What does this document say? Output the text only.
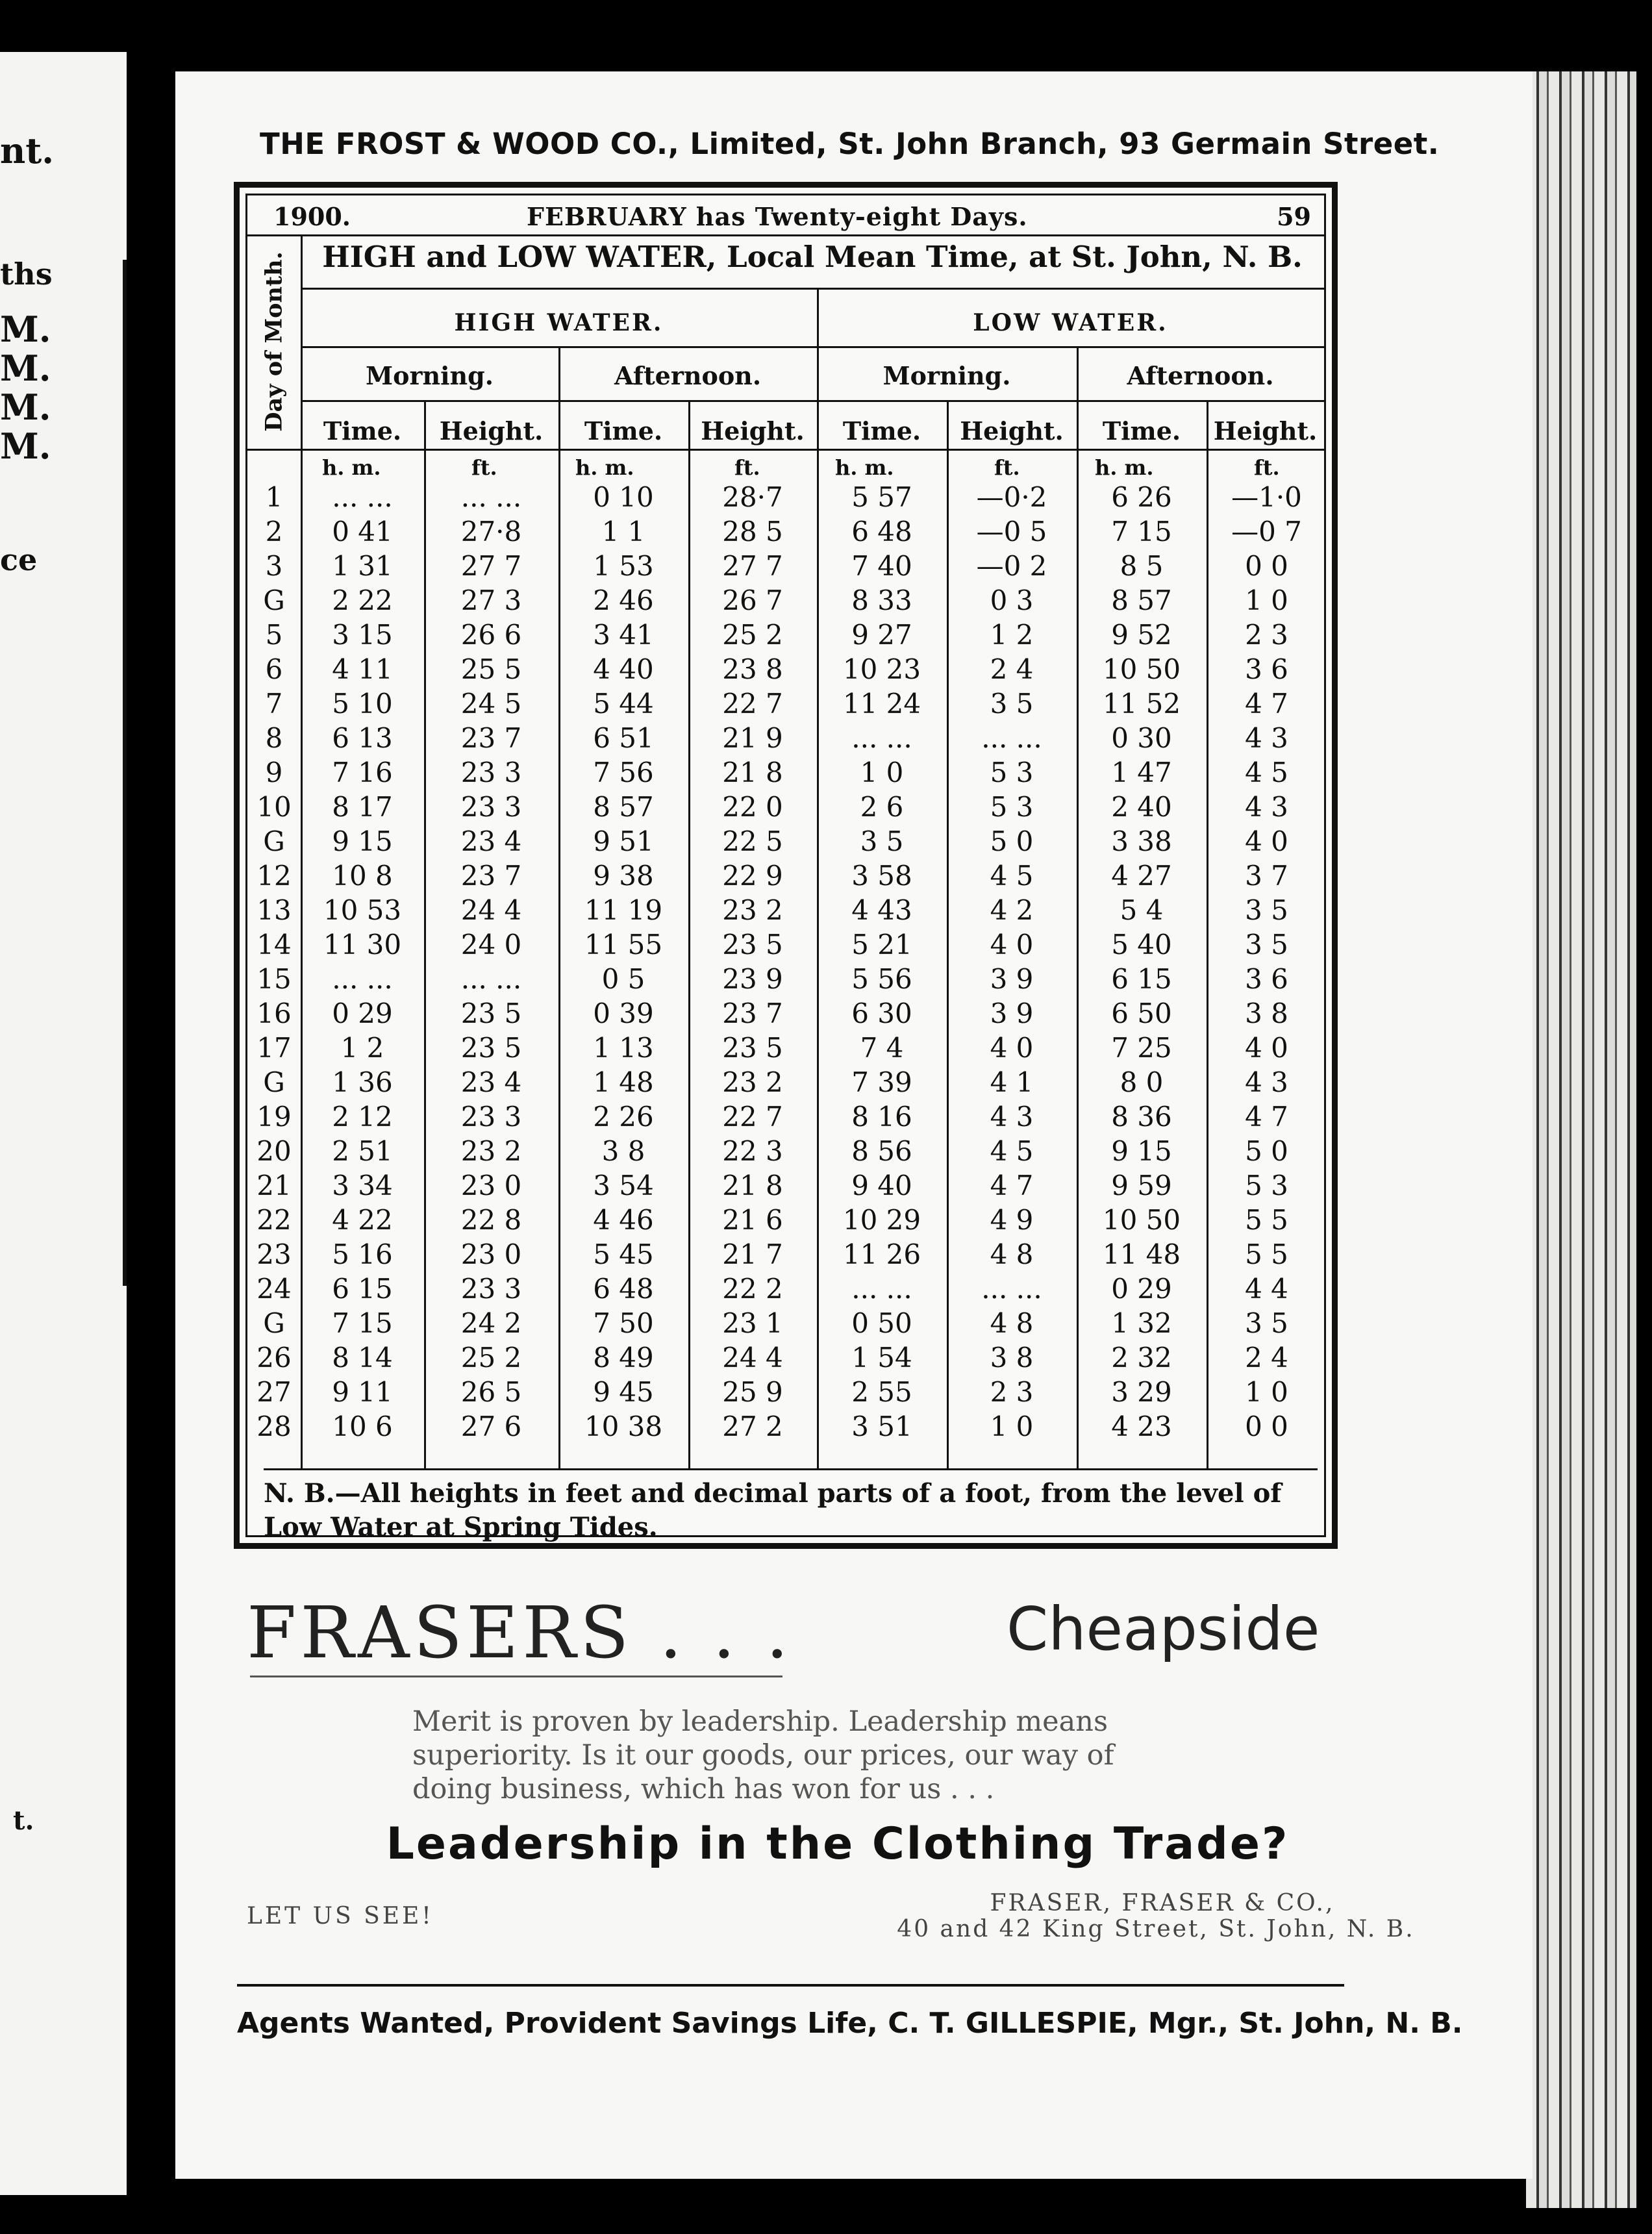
nt.
ths
M.
M.
M.
M.
ce
t.
THE FROST & WOOD CO., Limited, St. John Branch, 93 Germain Street.
1900.	FEBRUARY has Twenty-eight Days.	59
Day of Month.	HIGH and LOW WATER, Local Mean Time, at St. John, N. B.
HIGH WATER.	LOW WATER.
Morning.	Afternoon.	Morning.	Afternoon.
Time.	Height.	Time.	Height.	Time.	Height.	Time.	Height.
h. m.	ft.	h. m.	ft.	h. m.	ft.	h. m.	ft.
1	... ...	... ...	0 10	28·7	5 57	—0·2	6 26	—1·0
2	0 41	27·8	1 1	28 5	6 48	—0 5	7 15	—0 7
3	1 31	27 7	1 53	27 7	7 40	—0 2	8 5	0 0
G	2 22	27 3	2 46	26 7	8 33	0 3	8 57	1 0
5	3 15	26 6	3 41	25 2	9 27	1 2	9 52	2 3
6	4 11	25 5	4 40	23 8	10 23	2 4	10 50	3 6
7	5 10	24 5	5 44	22 7	11 24	3 5	11 52	4 7
8	6 13	23 7	6 51	21 9	... ...	... ...	0 30	4 3
9	7 16	23 3	7 56	21 8	1 0	5 3	1 47	4 5
10	8 17	23 3	8 57	22 0	2 6	5 3	2 40	4 3
G	9 15	23 4	9 51	22 5	3 5	5 0	3 38	4 0
12	10 8	23 7	9 38	22 9	3 58	4 5	4 27	3 7
13	10 53	24 4	11 19	23 2	4 43	4 2	5 4	3 5
14	11 30	24 0	11 55	23 5	5 21	4 0	5 40	3 5
15	... ...	... ...	0 5	23 9	5 56	3 9	6 15	3 6
16	0 29	23 5	0 39	23 7	6 30	3 9	6 50	3 8
17	1 2	23 5	1 13	23 5	7 4	4 0	7 25	4 0
G	1 36	23 4	1 48	23 2	7 39	4 1	8 0	4 3
19	2 12	23 3	2 26	22 7	8 16	4 3	8 36	4 7
20	2 51	23 2	3 8	22 3	8 56	4 5	9 15	5 0
21	3 34	23 0	3 54	21 8	9 40	4 7	9 59	5 3
22	4 22	22 8	4 46	21 6	10 29	4 9	10 50	5 5
23	5 16	23 0	5 45	21 7	11 26	4 8	11 48	5 5
24	6 15	23 3	6 48	22 2	... ...	... ...	0 29	4 4
G	7 15	24 2	7 50	23 1	0 50	4 8	1 32	3 5
26	8 14	25 2	8 49	24 4	1 54	3 8	2 32	2 4
27	9 11	26 5	9 45	25 9	2 55	2 3	3 29	1 0
28	10 6	27 6	10 38	27 2	3 51	1 0	4 23	0 0
N. B.—All heights in feet and decimal parts of a foot, from the level of Low Water at Spring Tides.
FRASERS . . .	Cheapside
Merit is proven by leadership. Leadership means superiority. Is it our goods, our prices, our way of doing business, which has won for us . . .
Leadership in the Clothing Trade?
LET US SEE!	FRASER, FRASER & CO.,
40 and 42 King Street, St. John, N. B.
Agents Wanted, Provident Savings Life, C. T. GILLESPIE, Mgr., St. John, N. B.
